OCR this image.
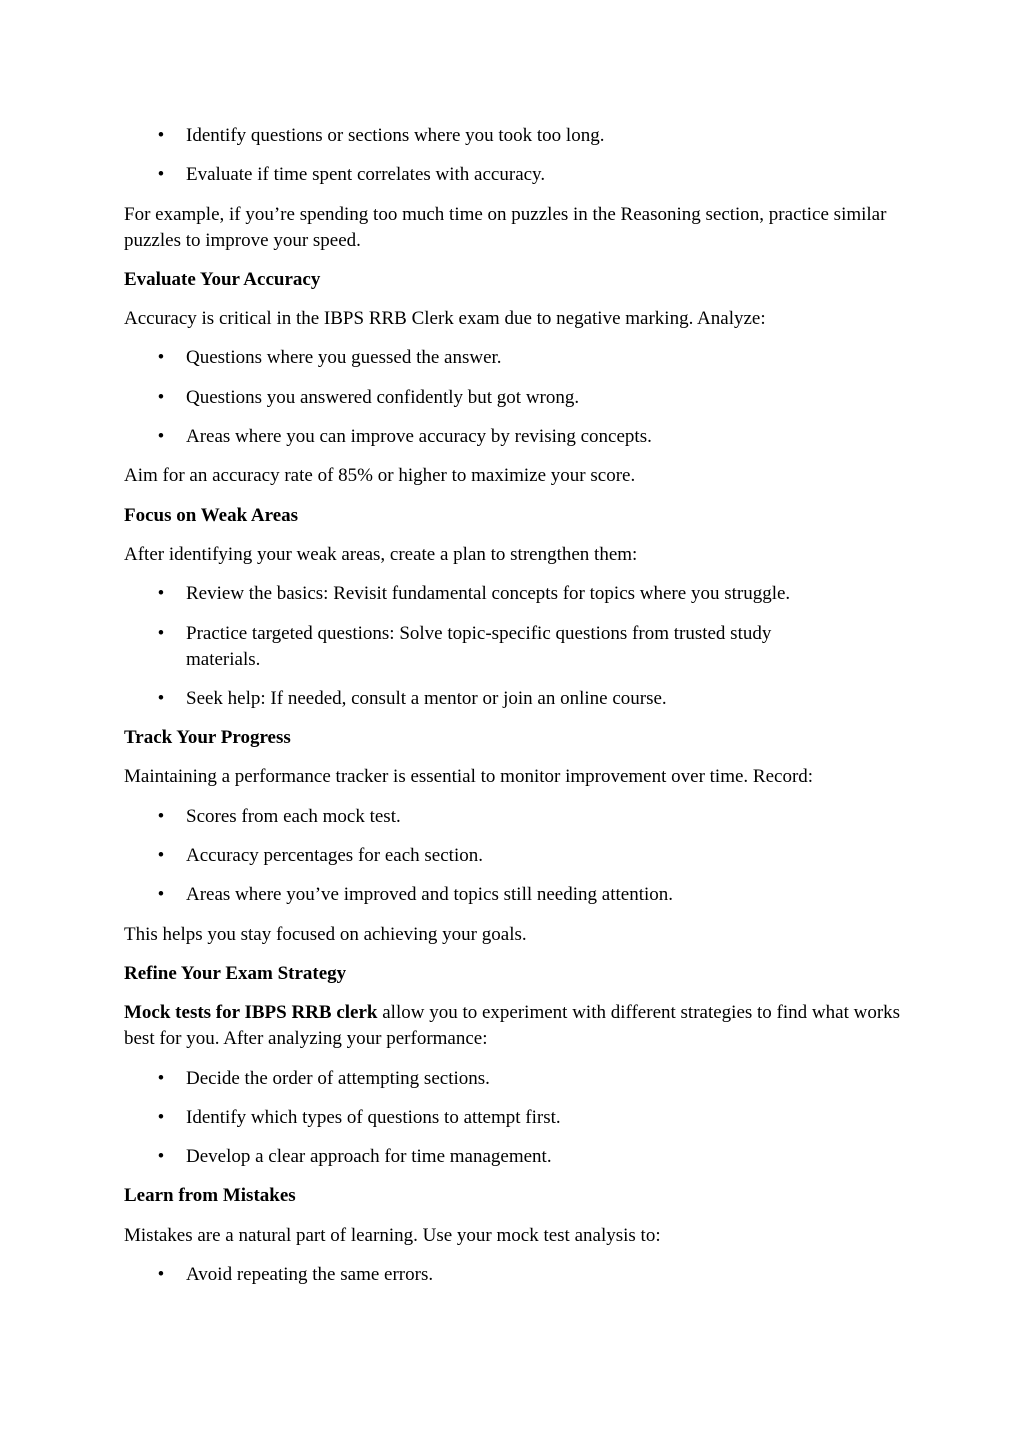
• Identify questions or sections where you took too long.
• Evaluate if time spent correlates with accuracy.
For example, if you’re spending too much time on puzzles in the Reasoning section, practice similar puzzles to improve your speed.
Evaluate Your Accuracy
Accuracy is critical in the IBPS RRB Clerk exam due to negative marking. Analyze:
• Questions where you guessed the answer.
• Questions you answered confidently but got wrong.
• Areas where you can improve accuracy by revising concepts.
Aim for an accuracy rate of 85% or higher to maximize your score.
Focus on Weak Areas
After identifying your weak areas, create a plan to strengthen them:
• Review the basics: Revisit fundamental concepts for topics where you struggle.
• Practice targeted questions: Solve topic-specific questions from trusted study materials.
• Seek help: If needed, consult a mentor or join an online course.
Track Your Progress
Maintaining a performance tracker is essential to monitor improvement over time. Record:
• Scores from each mock test.
• Accuracy percentages for each section.
• Areas where you’ve improved and topics still needing attention.
This helps you stay focused on achieving your goals.
Refine Your Exam Strategy
Mock tests for IBPS RRB clerk allow you to experiment with different strategies to find what works best for you. After analyzing your performance:
• Decide the order of attempting sections.
• Identify which types of questions to attempt first.
• Develop a clear approach for time management.
Learn from Mistakes
Mistakes are a natural part of learning. Use your mock test analysis to:
• Avoid repeating the same errors.
